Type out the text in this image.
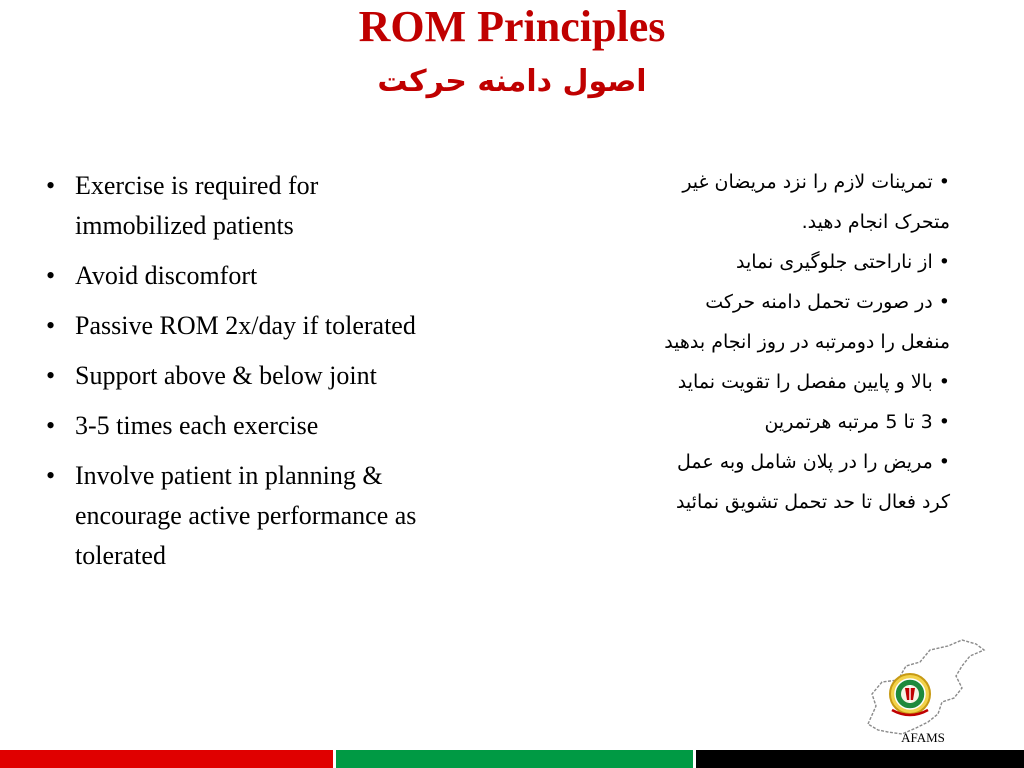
ROM Principles
اصول دامنه حرکت
• Exercise is required for immobilized patients
• Avoid discomfort
• Passive ROM 2x/day if tolerated
• Support above & below joint
• 3-5 times each exercise
• Involve patient in planning & encourage active performance as tolerated
• تمرینات لازم را نزد مریضان غیر
متحرک انجام دهید.
• از ناراحتی جلوگیری نماید
• در صورت تحمل دامنه حرکت
منفعل را دومرتبه در روز انجام بدهید
• بالا و پایین مفصل را تقویت نماید
• 3 تا 5 مرتبه هرتمرین
• مریض را در پلان شامل وبه عمل
کرد فعال تا حد تحمل تشویق نمائید
AFAMS
